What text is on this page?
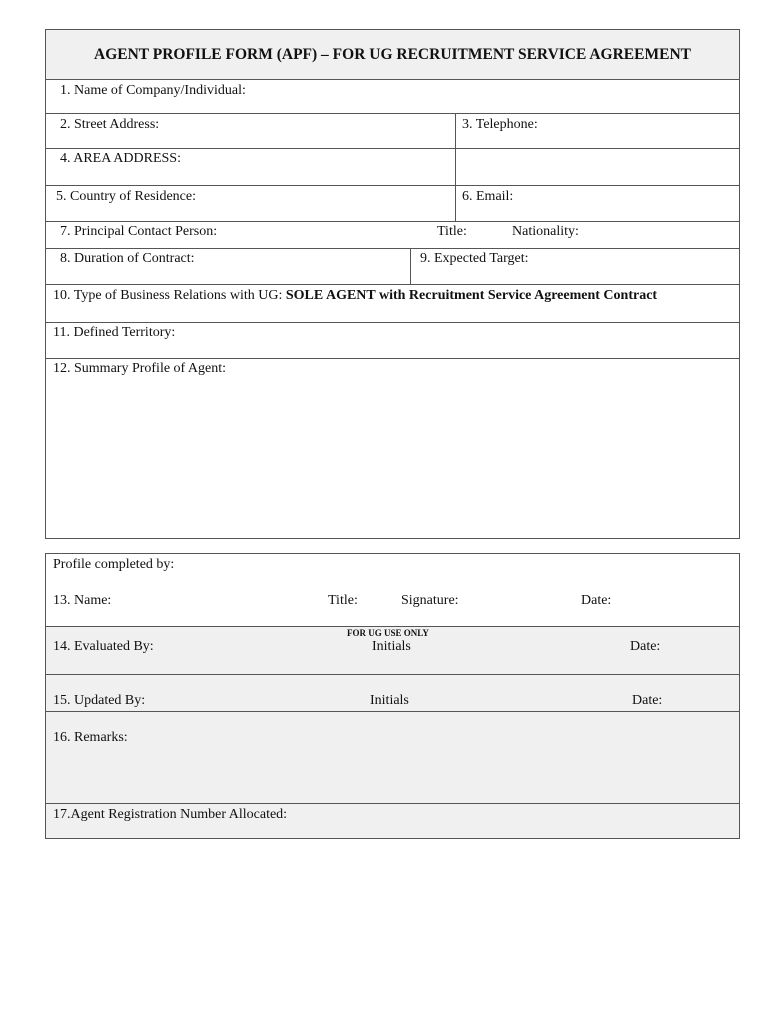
AGENT PROFILE FORM (APF) – FOR UG RECRUITMENT SERVICE AGREEMENT
1. Name of Company/Individual:
2. Street Address:	3. Telephone:
4. AREA ADDRESS:
5. Country of Residence:	6. Email:
7. Principal Contact Person:	Title:	Nationality:
8. Duration of Contract:	9. Expected Target:
10. Type of Business Relations with UG: SOLE AGENT with Recruitment Service Agreement Contract
11. Defined Territory:
12. Summary Profile of Agent:
Profile completed by:
13. Name:	Title:	Signature:	Date:
FOR UG USE ONLY
14. Evaluated By:	Initials	Date:
15. Updated By:	Initials	Date:
16. Remarks:
17.Agent Registration Number Allocated:
